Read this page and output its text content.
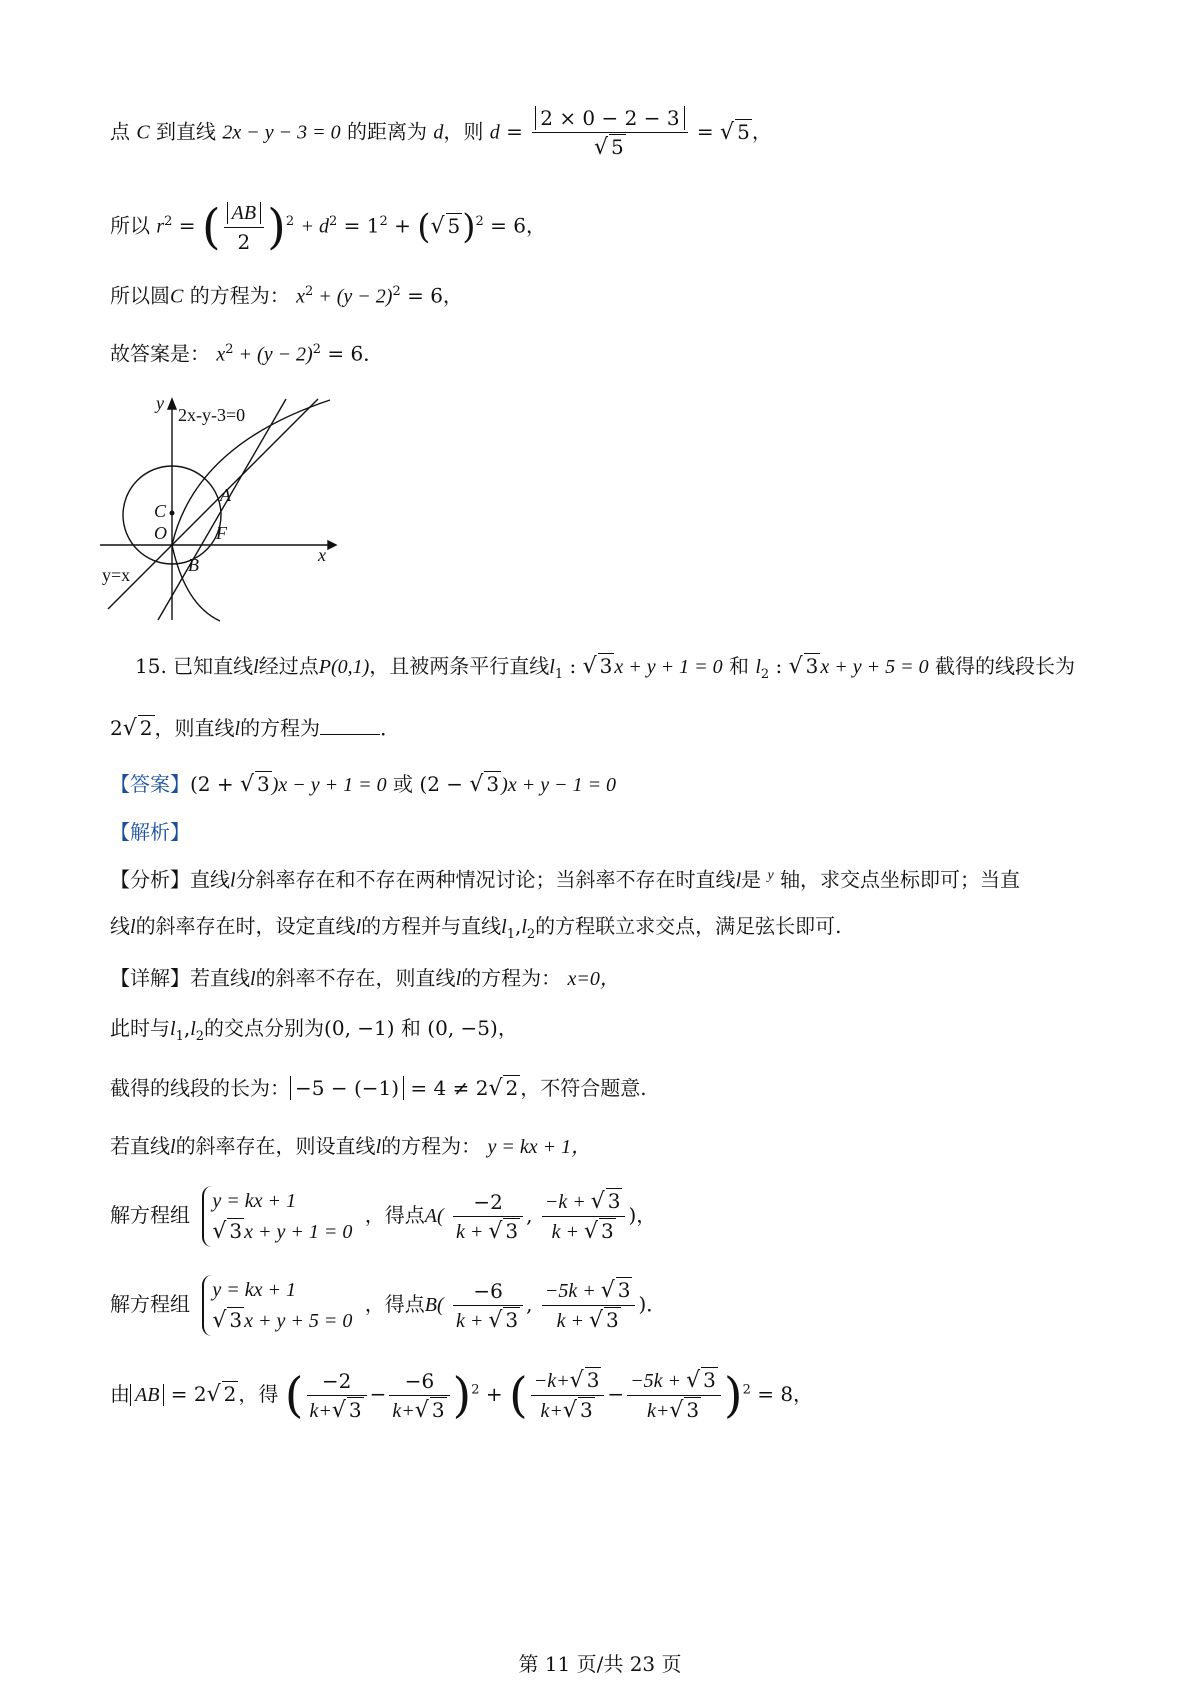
点 C 到直线 2x − y − 3 = 0 的距离为 d，则 $d = \frac{2 \times 0 - 2 - 3}{√ 5}$ = √ 5 ，
所以 $r^2$ = ( $\frac{AB}{2} )^2 + d^2 = 1^2$ + (√ 5)$^2$ = 6，
所以圆C 的方程为： $x^2 + (y - 2)^2 = 6$，
故答案是： $x^2 + (y - 2)^2 = 6$．
y
x
2x-y-3=0
A
B
C
O	F
y=x
15. 已知直线l经过点P(0,1)，且被两条平行直线$l_1$ : √ 3 x + y + 1 = 0 和 $l_2$ : √ 3 x + y + 5 = 0 截得的线段长为
2√ 2 ，则直线l的方程为	．
【答案】(2 + √ 3 )x − y + 1 = 0 或 (2 − √ 3 )x + y − 1 = 0
【解析】
【分析】直线l分斜率存在和不存在两种情况讨论；当斜率不存在时直线l是 $^y$ 轴，求交点坐标即可；当直
线l的斜率存在时，设定直线l的方程并与直线$l_1,l_2$的方程联立求交点，满足弦长即可.
【详解】若直线l的斜率不存在，则直线l的方程为： x=0，
此时与$l_1,l_2$的交点分别为(0, −1) 和 (0, −5)，
截得的线段的长为： −5 − (−1) = 4 ≠ 2√ 2 ，不符合题意.
若直线l的斜率存在，则设直线l的方程为： y = kx + 1，
解方程组
y = kx + 1
√ 3 x + y + 1 = 0
，得点$A( \frac{-2}{k + √ 3}$ , $\frac{-k + √ 3}{k + √ 3}$ )，
解方程组
y = kx + 1
√ 3 x + y + 5 = 0
，得点$B( \frac{-6}{k + √ 3}$ , $\frac{-5k + √ 3}{k + √ 3}$ )．
由 AB = 2√ 2 ，得 ( $\frac{-2}{k+√ 3} - \frac{-6}{k+√ 3} )^2$ + ( $\frac{-k+√ 3}{k+√ 3} - \frac{-5k + √ 3}{k+√ 3} )^2 = 8$，
第 11 页/共 23 页
